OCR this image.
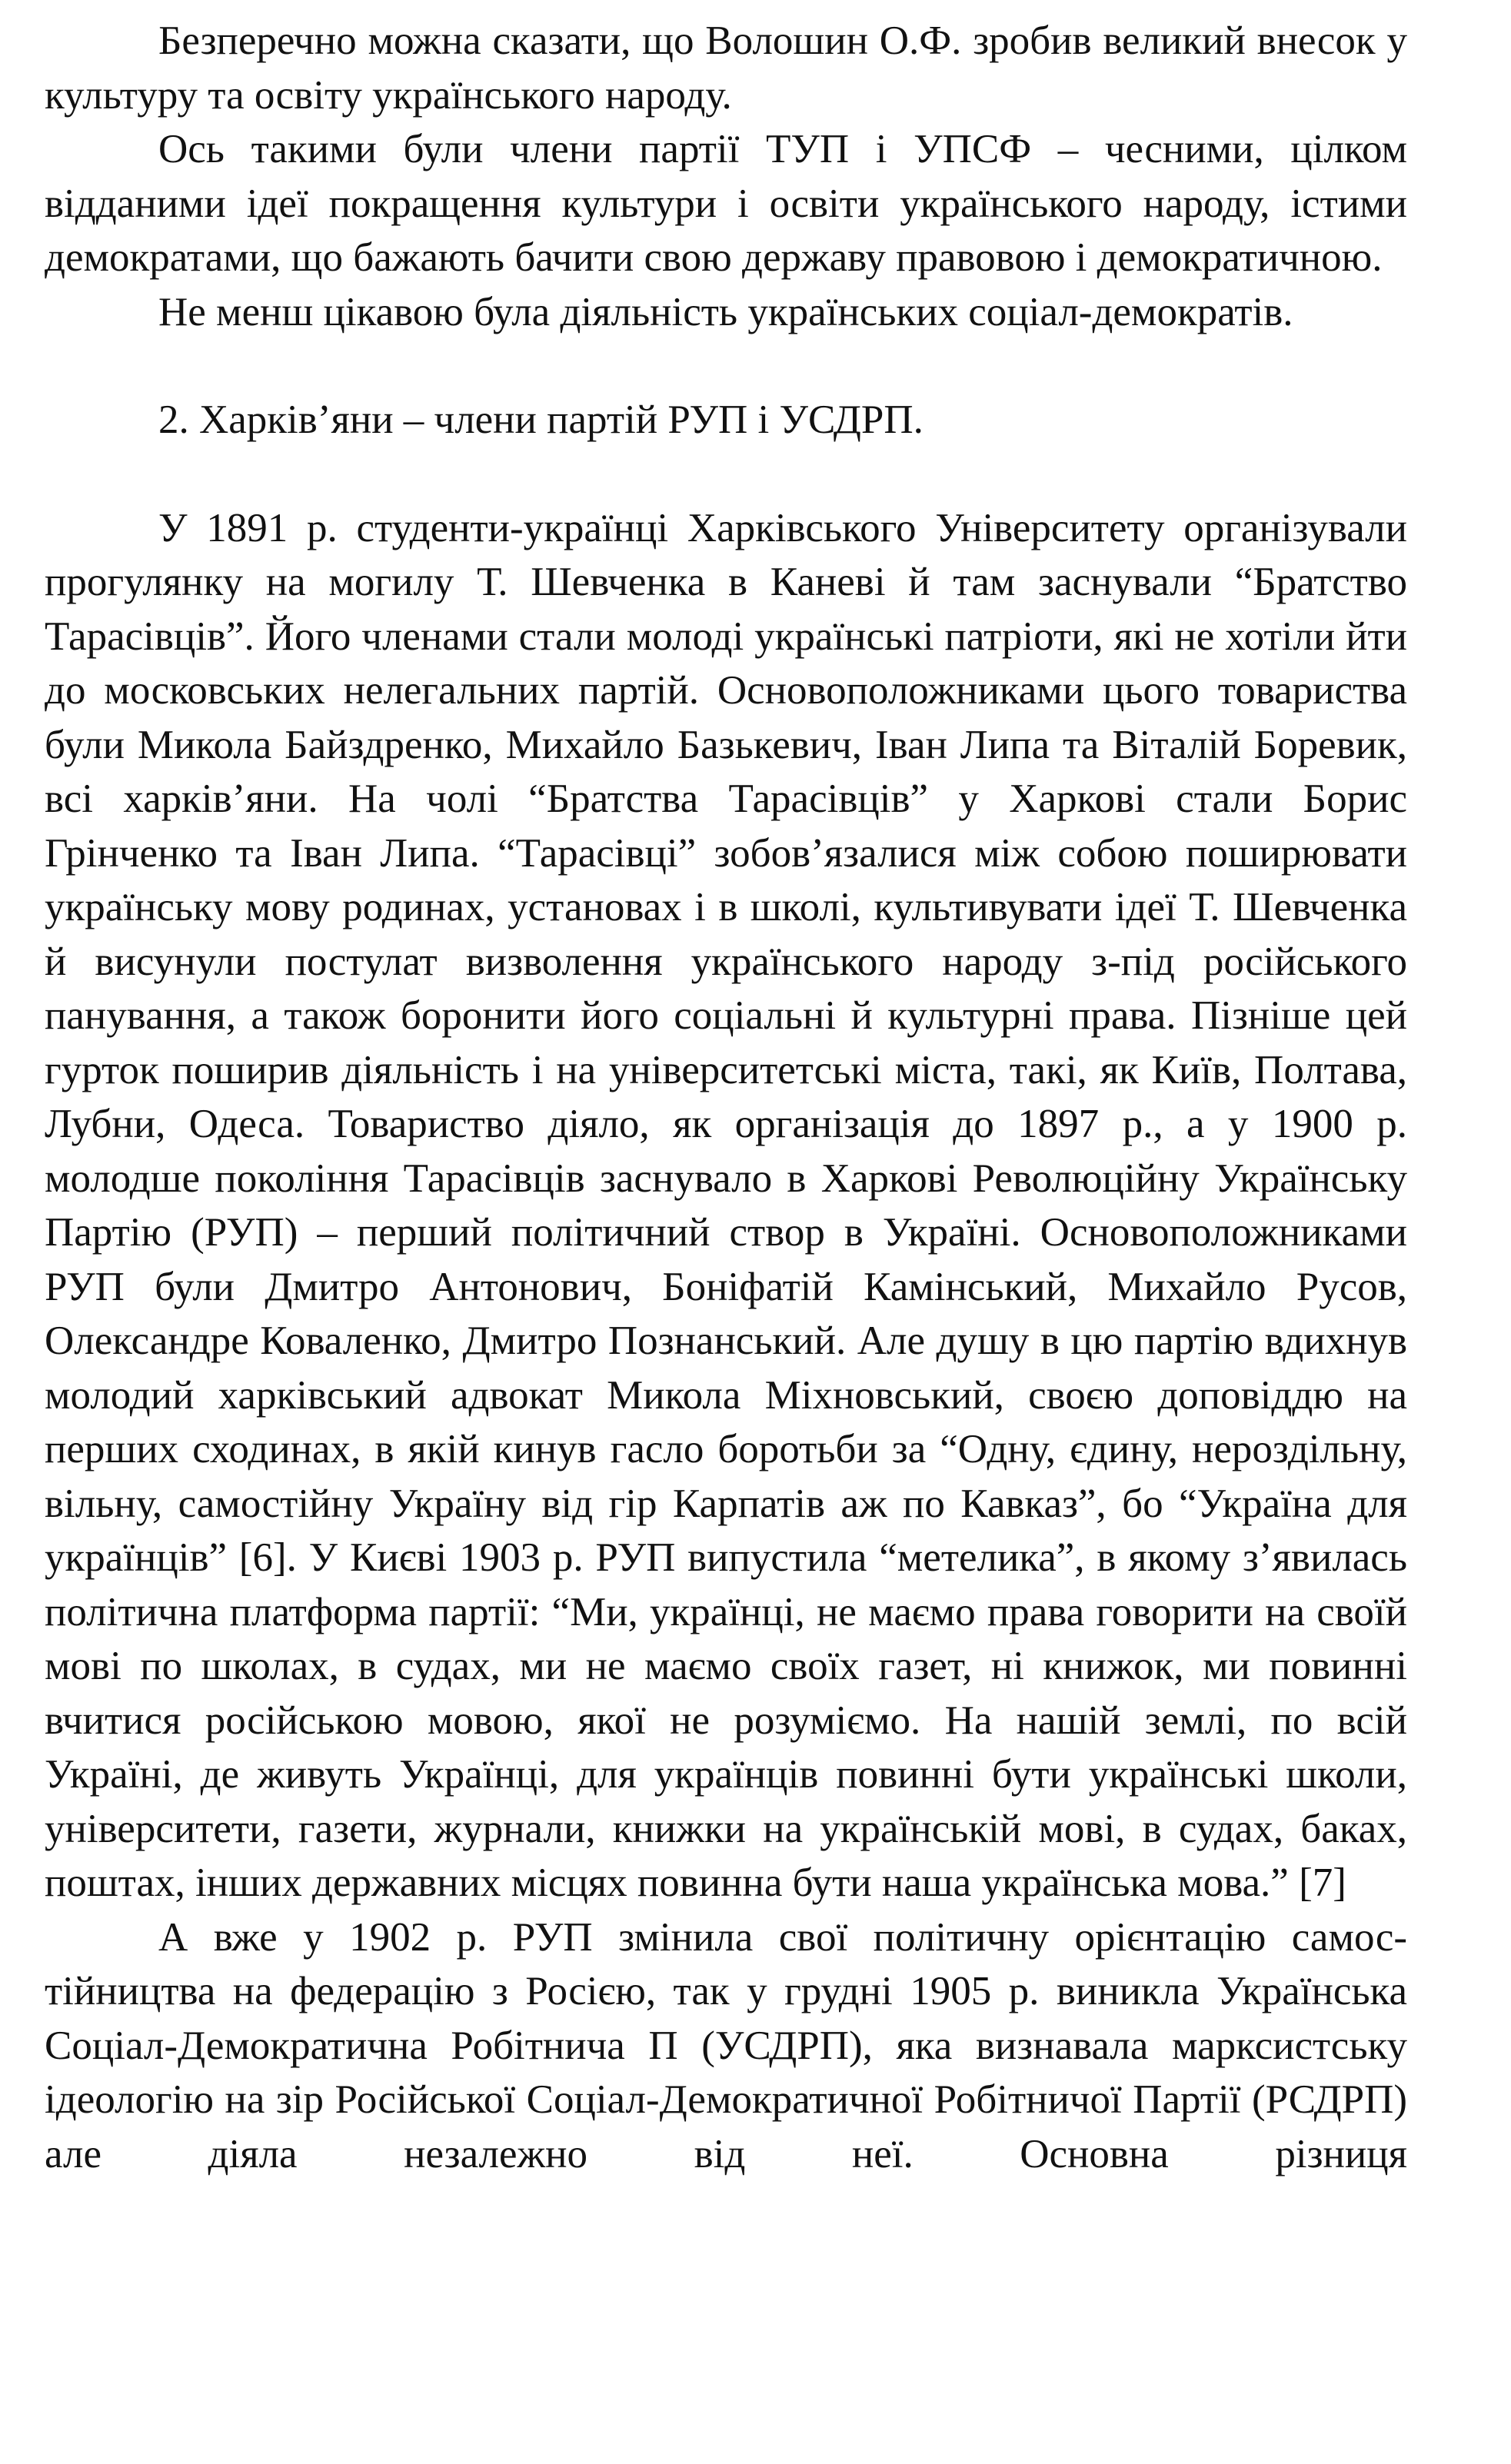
Безперечно можна сказати, що Волошин О.Ф. зробив великий внесок у культуру та освіту українського народу.

Ось такими були члени партії ТУП і УПСФ – чесними, цілком відданими ідеї покращення культури і освіти українського народу, істими демократами, що бажають бачити свою державу правовою і демократичною.

Не менш цікавою була діяльність українських соціал-демократів.

2. Харків’яни – члени партій РУП і УСДРП.

У 1891 р. студенти-українці Харківського Університету організували прогулянку на могилу Т. Шевченка в Каневі й там заснували “Братство Тарасівців”. Його членами стали молоді українські патріоти, які не хотіли йти до московських нелегальних партій. Основоположниками цього товариства були Микола Байздренко, Михайло Базькевич, Іван Липа та Віталій Боревик, всі харків’яни. На чолі “Братства Тарасівців” у Харкові стали Борис Грінченко та Іван Липа. “Тарасівці” зобов’язалися між собою поширювати українську мову родинах, установах і в школі, культивувати ідеї Т. Шевченка й висунули постулат визволення українського народу з-під російського панування, а також боронити його соціальні й культурні права. Пізніше цей гурток поширив діяльність і на університетські міста, такі, як Київ, Полтава, Лубни, Одеса. Товариство діяло, як організація до 1897 р., а у 1900 р. молодше покоління Тарасівців заснувало в Харкові Революційну Українську Партію (РУП) – перший політичний створ в Україні. Основоположниками РУП були Дмитро Антонович, Боніфатій Камінський, Михайло Русов, Олександре Коваленко, Дмитро Познанський. Але душу в цю партію вдихнув молодий харківський адвокат Микола Міхновський, своєю доповіддю на перших сходинах, в якій кинув гасло боротьби за “Одну, єдину, нероздільну, вільну, самостійну Україну від гір Карпатів аж по Кавказ”, бо “Україна для українців” [6]. У Києві 1903 р. РУП випустила “метелика”, в якому з’явилась політична платформа партії: “Ми, українці, не маємо права говорити на своїй мові по школах, в судах, ми не маємо своїх газет, ні книжок, ми повинні вчитися російською мовою, якої не розуміємо. На нашій землі, по всій Україні, де живуть Українці, для українців повинні бути українські школи, університети, газети, журнали, книжки на українській мові, в судах, баках, поштах, інших державних місцях повинна бути наша українська мова.” [7]

А вже у 1902 р. РУП змінила свої політичну орієнтацію самостійництва на федерацію з Росією, так у грудні 1905 р. виникла Українська Соціал-Демократична Робітнича П (УСДРП), яка визнавала марксистську ідеологію на зір Російської Соціал-Демократичної Робітничої Партії (РСДРП) але діяла незалежно від неї. Основна різниця
